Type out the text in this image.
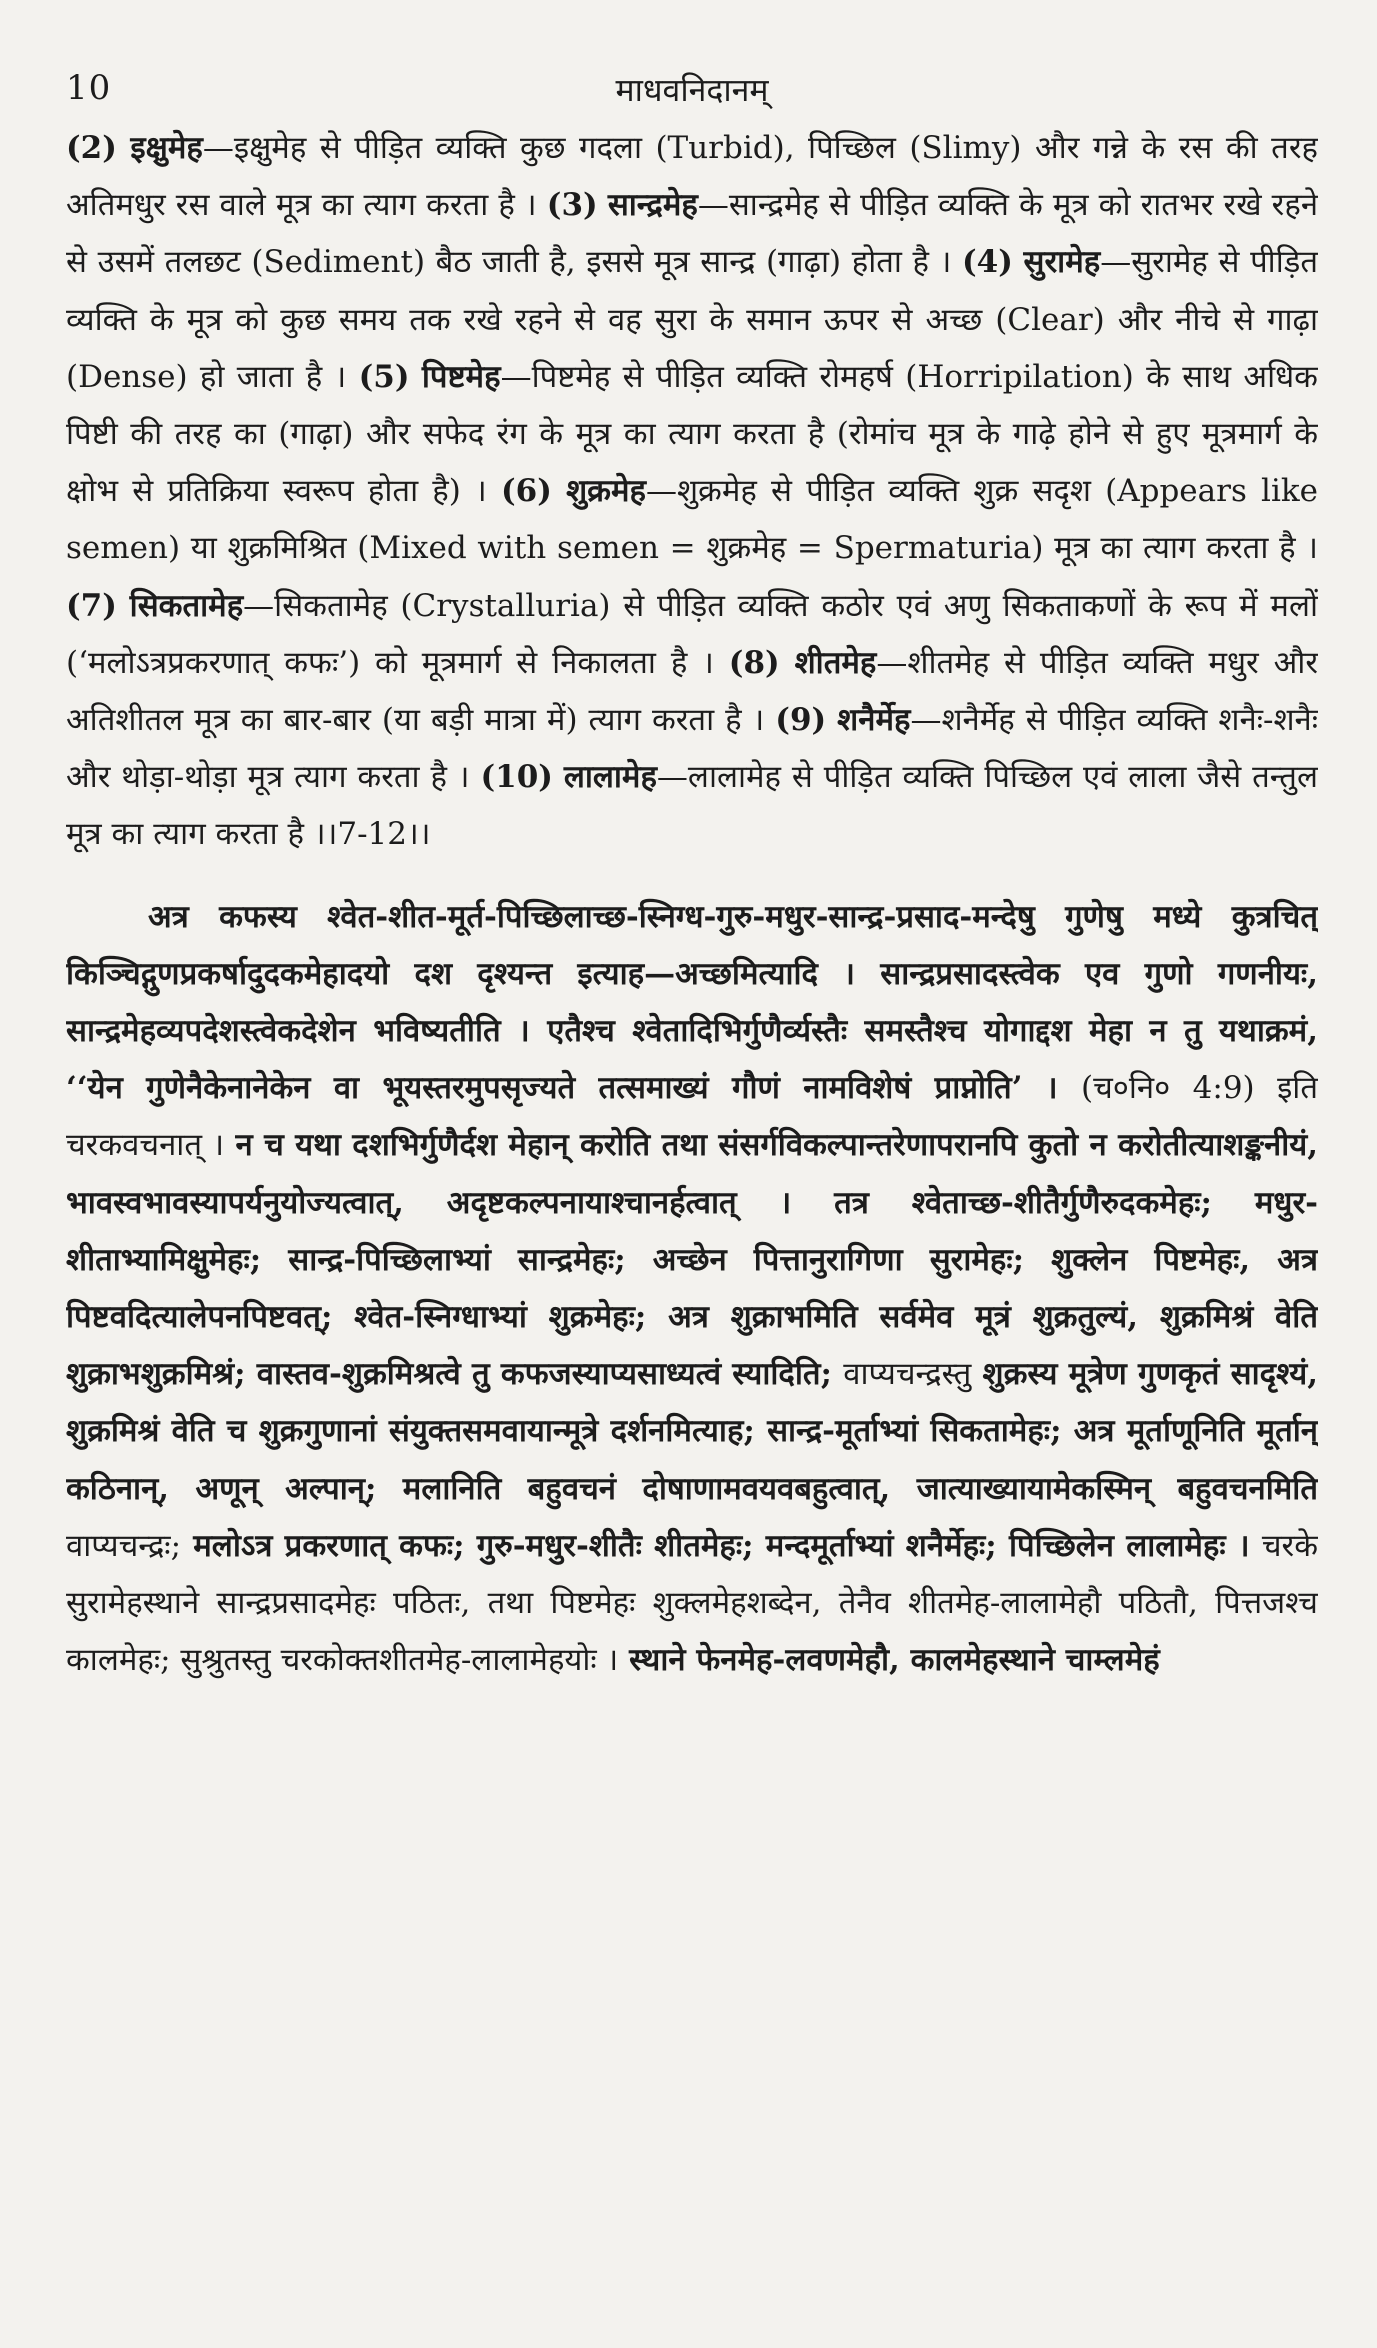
10	माधवनिदानम्

(2) इक्षुमेह—इक्षुमेह से पीड़ित व्यक्ति कुछ गदला (Turbid), पिच्छिल (Slimy) और गन्ने के रस की तरह अतिमधुर रस वाले मूत्र का त्याग करता है । (3) सान्द्रमेह—सान्द्रमेह से पीड़ित व्यक्ति के मूत्र को रातभर रखे रहने से उसमें तलछट (Sediment) बैठ जाती है, इससे मूत्र सान्द्र (गाढ़ा) होता है । (4) सुरामेह—सुरामेह से पीड़ित व्यक्ति के मूत्र को कुछ समय तक रखे रहने से वह सुरा के समान ऊपर से अच्छ (Clear) और नीचे से गाढ़ा (Dense) हो जाता है । (5) पिष्टमेह—पिष्टमेह से पीड़ित व्यक्ति रोमहर्ष (Horripilation) के साथ अधिक पिष्टी की तरह का (गाढ़ा) और सफेद रंग के मूत्र का त्याग करता है (रोमांच मूत्र के गाढ़े होने से हुए मूत्रमार्ग के क्षोभ से प्रतिक्रिया स्वरूप होता है) । (6) शुक्रमेह—शुक्रमेह से पीड़ित व्यक्ति शुक्र सदृश (Appears like semen) या शुक्रमिश्रित (Mixed with semen = शुक्रमेह = Spermaturia) मूत्र का त्याग करता है । (7) सिकतामेह—सिकतामेह (Crystalluria) से पीड़ित व्यक्ति कठोर एवं अणु सिकताकणों के रूप में मलों (‘मलोऽत्रप्रकरणात् कफः’) को मूत्रमार्ग से निकालता है । (8) शीतमेह—शीतमेह से पीड़ित व्यक्ति मधुर और अतिशीतल मूत्र का बार-बार (या बड़ी मात्रा में) त्याग करता है । (9) शनैर्मेह—शनैर्मेह से पीड़ित व्यक्ति शनैः-शनैः और थोड़ा-थोड़ा मूत्र त्याग करता है । (10) लालामेह—लालामेह से पीड़ित व्यक्ति पिच्छिल एवं लाला जैसे तन्तुल मूत्र का त्याग करता है ।।7-12।।

अत्र कफस्य श्वेत-शीत-मूर्त-पिच्छिलाच्छ-स्निग्ध-गुरु-मधुर-सान्द्र-प्रसाद-मन्देषु गुणेषु मध्ये कुत्रचित् किञ्चिद्गुणप्रकर्षादुदकमेहादयो दश दृश्यन्त इत्याह—अच्छमित्यादि । सान्द्रप्रसादस्त्वेक एव गुणो गणनीयः, सान्द्रमेहव्यपदेशस्त्वेकदेशेन भविष्यतीति । एतैश्च श्वेतादिभिर्गुणैर्व्यस्तैः समस्तैश्च योगाद्दश मेहा न तु यथाक्रमं, ‘‘येन गुणेनैकेनानेकेन वा भूयस्तरमुपसृज्यते तत्समाख्यं गौणं नामविशेषं प्राप्नोति’ । (च०नि० 4:9) इति चरकवचनात् । न च यथा दशभिर्गुणैर्दश मेहान् करोति तथा संसर्गविकल्पान्तरेणापरानपि कुतो न करोतीत्याशङ्कनीयं, भावस्वभावस्यापर्यनुयोज्यत्वात्, अदृष्टकल्पनायाश्चानर्हत्वात् । तत्र श्वेताच्छ-शीतैर्गुणैरुदकमेहः; मधुर-शीताभ्यामिक्षुमेहः; सान्द्र-पिच्छिलाभ्यां सान्द्रमेहः; अच्छेन पित्तानुरागिणा सुरामेहः; शुक्लेन पिष्टमेहः, अत्र पिष्टवदित्यालेपनपिष्टवत्; श्वेत-स्निग्धाभ्यां शुक्रमेहः; अत्र शुक्राभमिति सर्वमेव मूत्रं शुक्रतुल्यं, शुक्रमिश्रं वेति शुक्राभशुक्रमिश्रं; वास्तव-शुक्रमिश्रत्वे तु कफजस्याप्यसाध्यत्वं स्यादिति; वाप्यचन्द्रस्तु शुक्रस्य मूत्रेण गुणकृतं सादृश्यं, शुक्रमिश्रं वेति च शुक्रगुणानां संयुक्तसमवायान्मूत्रे दर्शनमित्याह; सान्द्र-मूर्ताभ्यां सिकतामेहः; अत्र मूर्ताणूनिति मूर्तान् कठिनान्, अणून् अल्पान्; मलानिति बहुवचनं दोषाणामवयवबहुत्वात्, जात्याख्यायामेकस्मिन् बहुवचनमिति वाप्यचन्द्रः; मलोऽत्र प्रकरणात् कफः; गुरु-मधुर-शीतैः शीतमेहः; मन्दमूर्ताभ्यां शनैर्मेहः; पिच्छिलेन लालामेहः । चरके सुरामेहस्थाने सान्द्रप्रसादमेहः पठितः, तथा पिष्टमेहः शुक्लमेहशब्देन, तेनैव शीतमेह-लालामेहौ पठितौ, पित्तजश्च कालमेहः; सुश्रुतस्तु चरकोक्तशीतमेह-लालामेहयोः । स्थाने फेनमेह-लवणमेहौ, कालमेहस्थाने चाम्लमेहं
